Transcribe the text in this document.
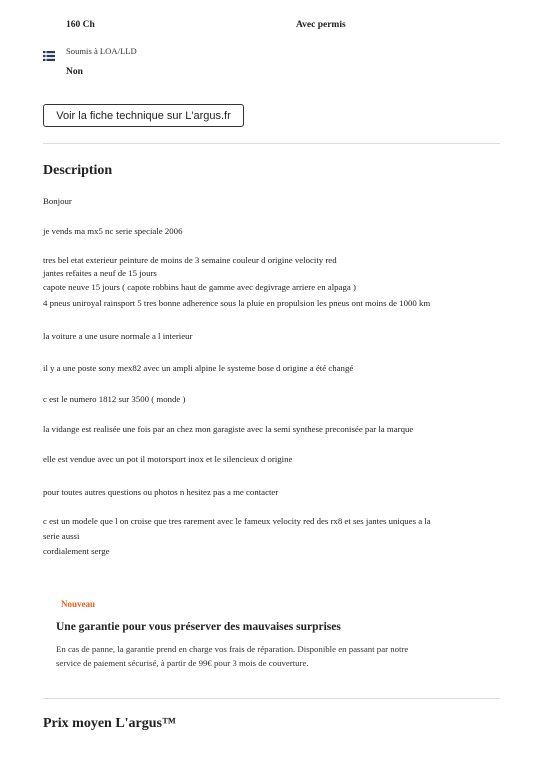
160 Ch	Avec permis
Soumis à LOA/LLD
Non
Voir la fiche technique sur L'argus.fr
Description
Bonjour
je vends ma mx5 nc serie speciale 2006
tres bel etat exterieur peinture de moins de 3 semaine couleur d origine velocity red
jantes refaites a neuf de 15 jours
capote neuve 15 jours ( capote robbins haut de gamme avec degivrage arriere en alpaga )
4 pneus uniroyal rainsport 5 tres bonne adherence sous la pluie en propulsion les pneus ont moins de 1000 km
la voiture a une usure normale a l interieur
il y a une poste sony mex82 avec un ampli alpine le systeme bose d origine a été changé
c est le numero 1812 sur 3500 ( monde )
la vidange est realisée une fois par an chez mon garagiste avec la semi synthese preconisée par la marque
elle est vendue avec un pot il motorsport inox et le silencieux d origine
pour toutes autres questions ou photos n hesitez pas a me contacter
c est un modele que l on croise que tres rarement avec le fameux velocity red des rx8 et ses jantes uniques a la
serie aussi
cordialement serge
Nouveau
Une garantie pour vous préserver des mauvaises surprises
En cas de panne, la garantie prend en charge vos frais de réparation. Disponible en passant par notre
service de paiement sécurisé, à partir de 99€ pour 3 mois de couverture.
Prix moyen L'argus™
